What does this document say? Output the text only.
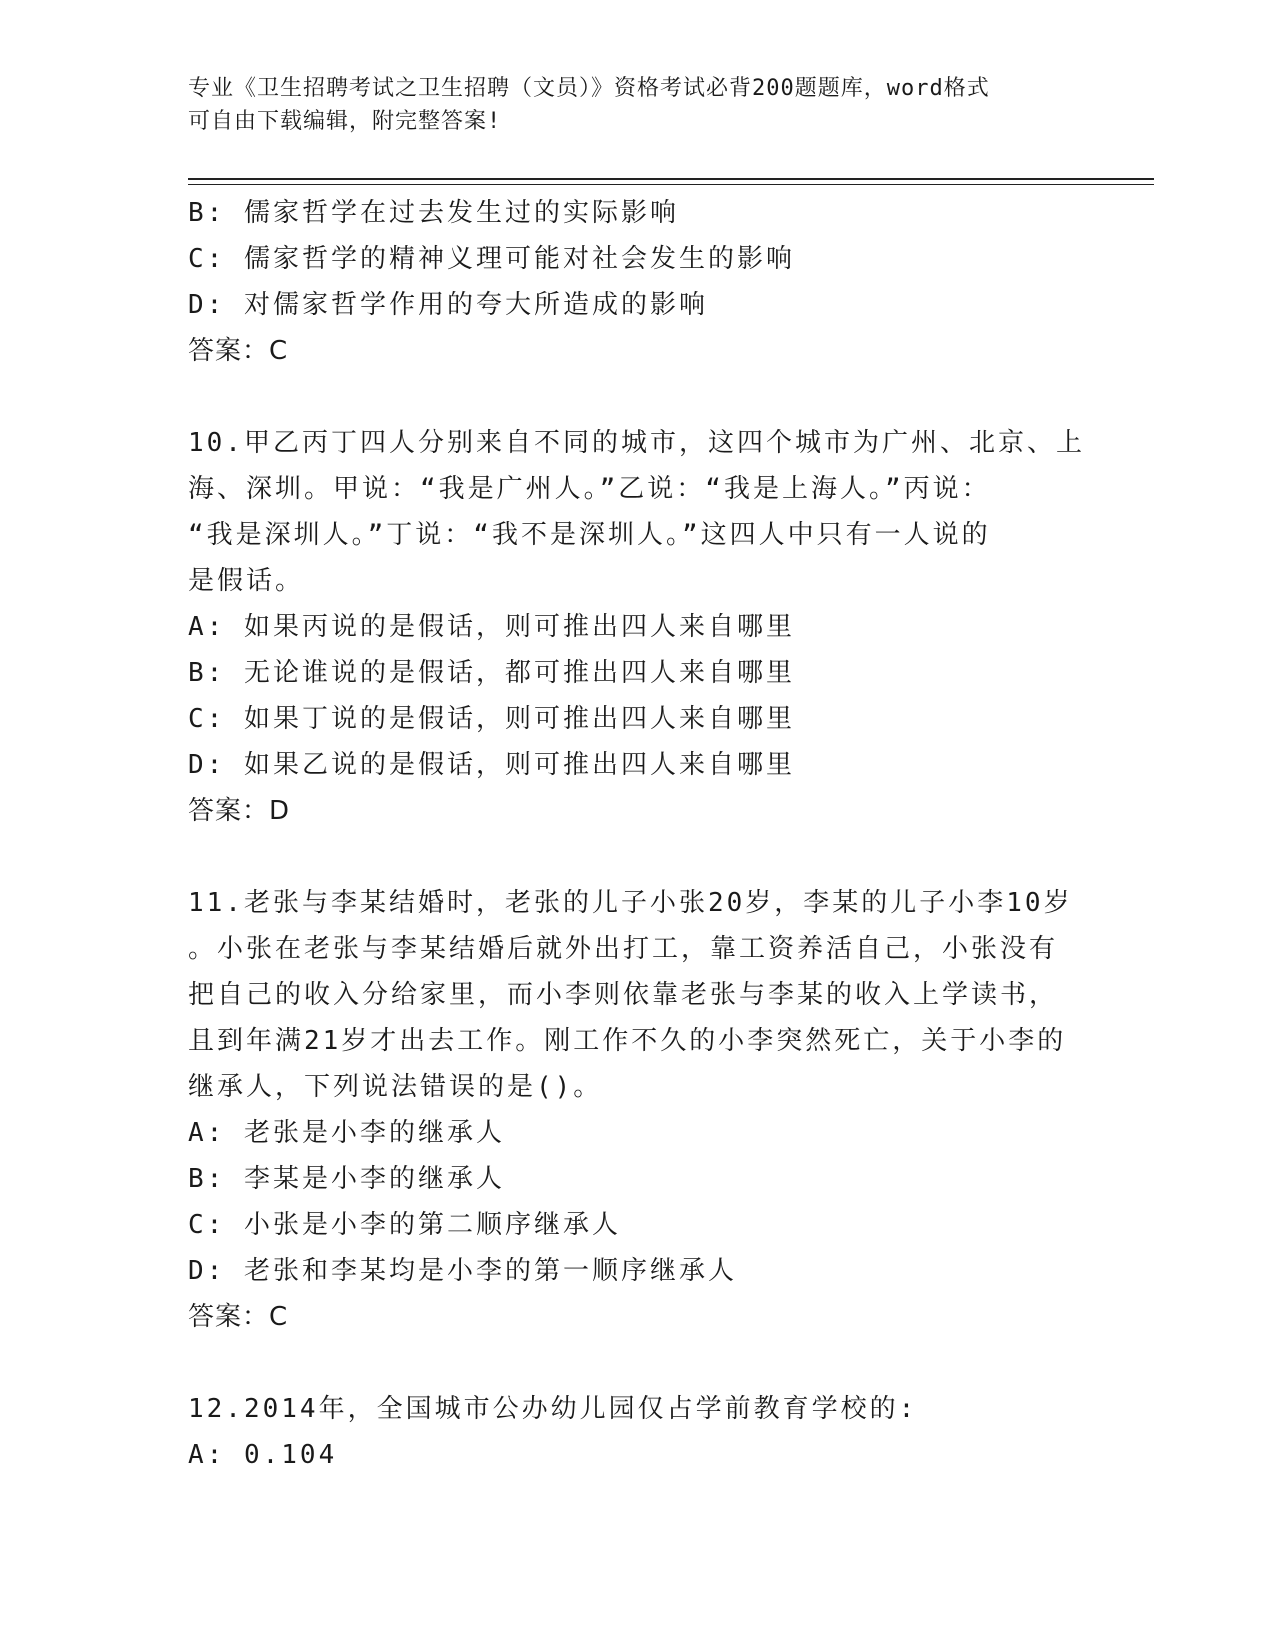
专业《卫生招聘考试之卫生招聘（文员）》资格考试必背200题题库，word格式
可自由下载编辑，附完整答案!
B: 儒家哲学在过去发生过的实际影响
C: 儒家哲学的精神义理可能对社会发生的影响
D: 对儒家哲学作用的夸大所造成的影响
答案：C
10.甲乙丙丁四人分别来自不同的城市，这四个城市为广州、北京、上
海、深圳。甲说：“我是广州人。”乙说：“我是上海人。”丙说：
“我是深圳人。”丁说：“我不是深圳人。”这四人中只有一人说的
是假话。
A: 如果丙说的是假话，则可推出四人来自哪里
B: 无论谁说的是假话，都可推出四人来自哪里
C: 如果丁说的是假话，则可推出四人来自哪里
D: 如果乙说的是假话，则可推出四人来自哪里
答案：D
11.老张与李某结婚时，老张的儿子小张20岁，李某的儿子小李10岁
。小张在老张与李某结婚后就外出打工，靠工资养活自己，小张没有
把自己的收入分给家里，而小李则依靠老张与李某的收入上学读书，
且到年满21岁才出去工作。刚工作不久的小李突然死亡，关于小李的
继承人，下列说法错误的是()。
A: 老张是小李的继承人
B: 李某是小李的继承人
C: 小张是小李的第二顺序继承人
D: 老张和李某均是小李的第一顺序继承人
答案：C
12.2014年，全国城市公办幼儿园仅占学前教育学校的:
A: 0.104
